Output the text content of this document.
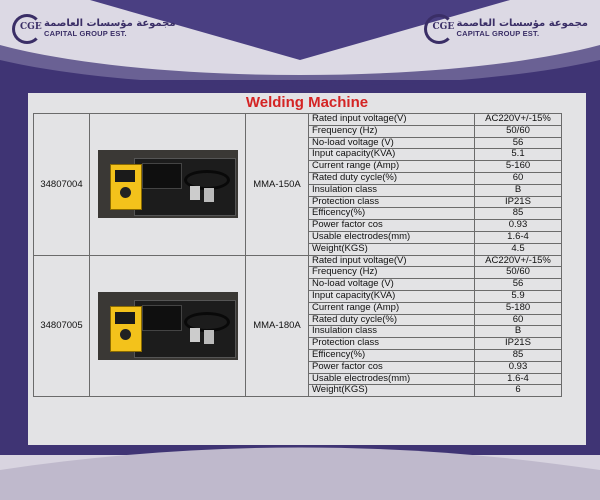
CGE مجموعة مؤسسات العاصمة
CAPITAL GROUP EST.
CGE مجموعة مؤسسات العاصمة
CAPITAL GROUP EST.
Welding Machine
34807004		MMA-150A	Rated input voltage(V)	AC220V+/-15%
			Frequency (Hz)	50/60
			No-load voltage (V)	56
			Input capacity(KVA)	5.1
			Current range (Amp)	5-160
			Rated duty cycle(%)	60
			Insulation class	B
			Protection class	IP21S
			Efficency(%)	85
			Power factor cos	0.93
			Usable electrodes(mm)	1.6-4
			Weight(KGS)	4.5
34807005		MMA-180A	Rated input voltage(V)	AC220V+/-15%
			Frequency (Hz)	50/60
			No-load voltage (V)	56
			Input capacity(KVA)	5.9
			Current range (Amp)	5-180
			Rated duty cycle(%)	60
			Insulation class	B
			Protection class	IP21S
			Efficency(%)	85
			Power factor cos	0.93
			Usable electrodes(mm)	1.6-4
			Weight(KGS)	6
